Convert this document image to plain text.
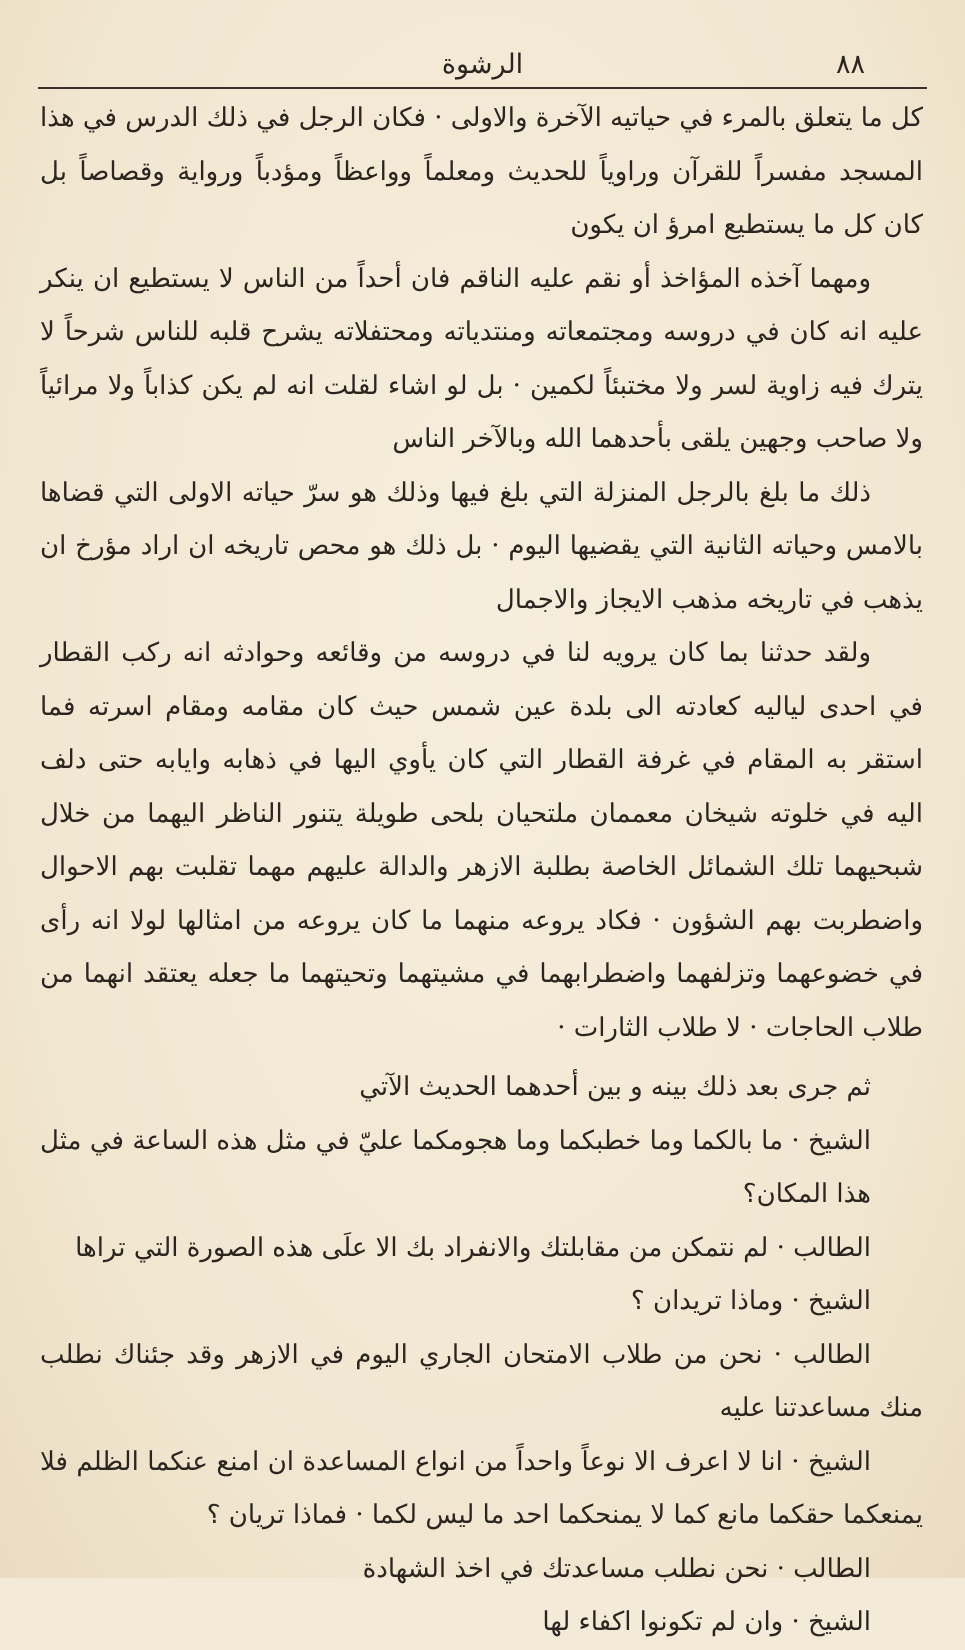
الرشوة	٨٨

كل ما يتعلق بالمرء في حياتيه الآخرة والاولى · فكان الرجل في ذلك الدرس في هذا المسجد مفسراً للقرآن وراوياً للحديث ومعلماً وواعظاً ومؤدباً ورواية وقصاصاً بل كان كل ما يستطيع امرؤ ان يكون

ومهما آخذه المؤاخذ أو نقم عليه الناقم فان أحداً من الناس لا يستطيع ان ينكر عليه انه كان في دروسه ومجتمعاته ومنتدياته ومحتفلاته يشرح قلبه للناس شرحاً لا يترك فيه زاوية لسر ولا مختبئاً لكمين · بل لو اشاء لقلت انه لم يكن كذاباً ولا مرائياً ولا صاحب وجهين يلقى بأحدهما الله وبالآخر الناس

ذلك ما بلغ بالرجل المنزلة التي بلغ فيها وذلك هو سرّ حياته الاولى التي قضاها بالامس وحياته الثانية التي يقضيها اليوم · بل ذلك هو محص تاريخه ان اراد مؤرخ ان يذهب في تاريخه مذهب الايجاز والاجمال

ولقد حدثنا بما كان يرويه لنا في دروسه من وقائعه وحوادثه انه ركب القطار في احدى لياليه كعادته الى بلدة عين شمس حيث كان مقامه ومقام اسرته فما استقر به المقام في غرفة القطار التي كان يأوي اليها في ذهابه وايابه حتى دلف اليه في خلوته شيخان معممان ملتحيان بلحى طويلة يتنور الناظر اليهما من خلال شبحيهما تلك الشمائل الخاصة بطلبة الازهر والدالة عليهم مهما تقلبت بهم الاحوال واضطربت بهم الشؤون · فكاد يروعه منهما ما كان يروعه من امثالها لولا انه رأى في خضوعهما وتزلفهما واضطرابهما في مشيتهما وتحيتهما ما جعله يعتقد انهما من طلاب الحاجات · لا طلاب الثارات ·

ثم جرى بعد ذلك بينه و بين أحدهما الحديث الآتي

الشيخ · ما بالكما وما خطبكما وما هجومكما عليّ في مثل هذه الساعة في مثل هذا المكان؟

الطالب · لم نتمكن من مقابلتك والانفراد بك الا علَى هذه الصورة التي تراها

الشيخ · وماذا تريدان ؟

الطالب · نحن من طلاب الامتحان الجاري اليوم في الازهر وقد جئناك نطلب منك مساعدتنا عليه

الشيخ · انا لا اعرف الا نوعاً واحداً من انواع المساعدة ان امنع عنكما الظلم فلا يمنعكما حقكما مانع كما لا يمنحكما احد ما ليس لكما · فماذا تريان ؟

الطالب · نحن نطلب مساعدتك في اخذ الشهادة

الشيخ · وان لم تكونوا اكفاء لها
